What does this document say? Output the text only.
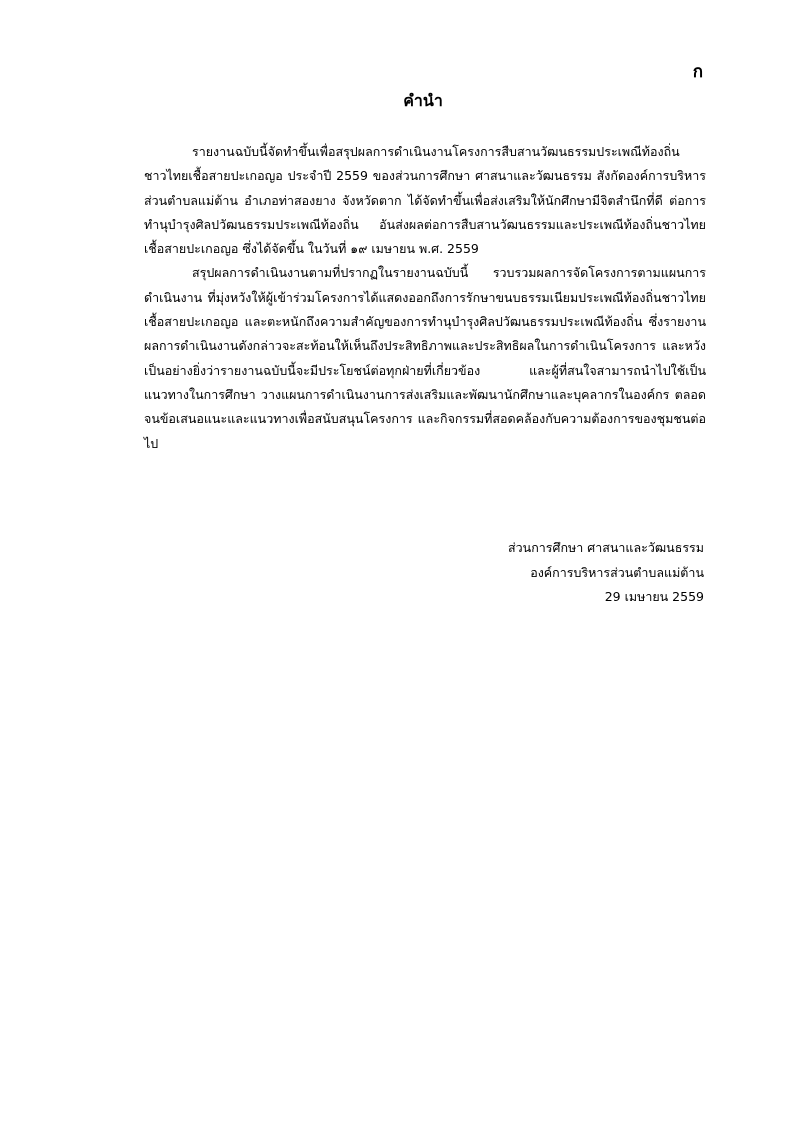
ก
คำนำ

รายงานฉบับนี้จัดทำขึ้นเพื่อสรุปผลการดำเนินงานโครงการสืบสานวัฒนธรรมประเพณีท้องถิ่น ชาวไทยเชื้อสายปะเกอญอ ประจำปี 2559 ของส่วนการศึกษา ศาสนาและวัฒนธรรม สังกัดองค์การบริหารส่วนตำบลแม่ต้าน อำเภอท่าสองยาง จังหวัดตาก ได้จัดทำขึ้นเพื่อส่งเสริมให้นักศึกษามีจิตสำนึกที่ดี ต่อการทำนุบำรุงศิลปวัฒนธรรมประเพณีท้องถิ่น อันส่งผลต่อการสืบสานวัฒนธรรมและประเพณีท้องถิ่นชาวไทยเชื้อสายปะเกอญอ ซึ่งได้จัดขึ้น ในวันที่ ๑๙ เมษายน พ.ศ. 2559

สรุปผลการดำเนินงานตามที่ปรากฏในรายงานฉบับนี้ รวบรวมผลการจัดโครงการตามแผนการดำเนินงาน ที่มุ่งหวังให้ผู้เข้าร่วมโครงการได้แสดงออกถึงการรักษาขนบธรรมเนียมประเพณีท้องถิ่นชาวไทยเชื้อสายปะเกอญอ และตะหนักถึงความสำคัญของการทำนุบำรุงศิลปวัฒนธรรมประเพณีท้องถิ่น ซึ่งรายงานผลการดำเนินงานดังกล่าวจะสะท้อนให้เห็นถึงประสิทธิภาพและประสิทธิผลในการดำเนินโครงการ และหวังเป็นอย่างยิ่งว่ารายงานฉบับนี้จะมีประโยชน์ต่อทุกฝ่ายที่เกี่ยวข้อง และผู้ที่สนใจสามารถนำไปใช้เป็นแนวทางในการศึกษา วางแผนการดำเนินงานการส่งเสริมและพัฒนานักศึกษาและบุคลากรในองค์กร ตลอดจนข้อเสนอแนะและแนวทางเพื่อสนับสนุนโครงการ และกิจกรรมที่สอดคล้องกับความต้องการของชุมชนต่อไป

ส่วนการศึกษา ศาสนาและวัฒนธรรม
องค์การบริหารส่วนตำบลแม่ต้าน
29 เมษายน 2559
